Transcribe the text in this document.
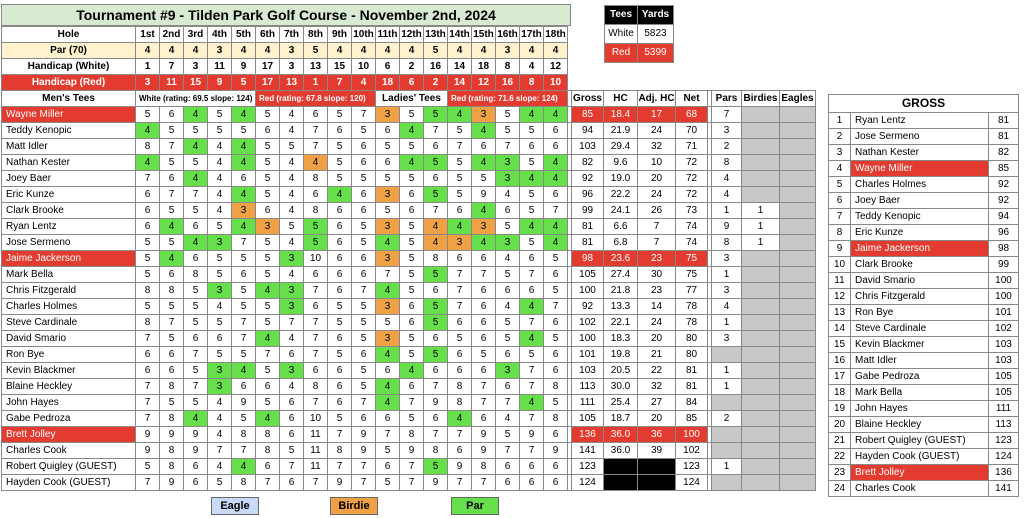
Tournament #9 - Tilden Park Golf Course - November 2nd, 2024
Hole	1st	2nd	3rd	4th	5th	6th	7th	8th	9th	10th	11th	12th	13th	14th	15th	16th	17th	18th									
Par (70)	4	4	4	3	4	4	3	5	4	4	4	4	5	4	4	3	4	4									
Handicap (White)	1	7	3	11	9	17	3	13	15	10	6	2	16	14	18	8	4	12									
Handicap (Red)	3	11	15	9	5	17	13	1	7	4	18	6	2	14	12	16	8	10									
Men's Tees	White (rating: 69.5 slope: 124)					Red (rating: 67.8 slope: 120)					Ladies' Tees			Red (rating: 71.6 slope: 124)						Gross	HC	Adj. HC	Net		Pars	Birdies	Eagles
Wayne Miller	5	6	4	5	4	5	4	6	5	7	3	5	5	4	3	5	4	4		85	18.4	17	68		7		
Teddy Kenopic	4	5	5	5	5	6	4	7	6	5	6	4	7	5	4	5	5	6		94	21.9	24	70		3		
Matt Idler	8	7	4	4	4	5	5	7	5	6	5	5	6	7	6	7	6	6		103	29.4	32	71		2		
Nathan Kester	4	5	5	4	4	5	4	4	5	6	6	4	5	5	4	3	5	4		82	9.6	10	72		8		
Joey Baer	7	6	4	4	6	5	4	8	5	5	5	5	6	5	5	3	4	4		92	19.0	20	72		4		
Eric Kunze	6	7	7	4	4	5	4	6	4	6	3	6	5	5	9	4	5	6		96	22.2	24	72		4		
Clark Brooke	6	5	5	4	3	6	4	8	6	6	5	6	7	6	4	6	5	7		99	24.1	26	73		1	1	
Ryan Lentz	6	4	6	5	4	3	5	5	6	5	3	5	4	4	3	5	4	4		81	6.6	7	74		9	1	
Jose Sermeno	5	5	4	3	7	5	4	5	6	5	4	5	4	3	4	3	5	4		81	6.8	7	74		8	1	
Jaime Jackerson	5	4	6	5	5	5	3	10	6	6	3	5	8	6	6	4	6	5		98	23.6	23	75		3		
Mark Bella	5	6	8	5	6	5	4	6	6	6	7	5	5	7	7	5	7	6		105	27.4	30	75		1		
Chris Fitzgerald	8	8	5	3	5	4	3	7	6	7	4	5	6	7	6	6	6	5		100	21.8	23	77		3		
Charles Holmes	5	5	5	4	5	5	3	6	5	5	3	6	5	7	6	4	4	7		92	13.3	14	78		4		
Steve Cardinale	8	7	5	5	7	5	7	7	5	5	5	6	5	6	6	5	7	6		102	22.1	24	78		1		
David Smario	7	5	6	6	7	4	4	7	6	5	3	5	6	5	6	5	4	5		100	18.3	20	80		3		
Ron Bye	6	6	7	5	5	7	6	7	5	6	4	5	5	6	5	6	5	6		101	19.8	21	80				
Kevin Blackmer	6	6	5	3	4	5	3	6	6	5	6	4	6	6	6	3	7	6		103	20.5	22	81		1		
Blaine Heckley	7	8	7	3	6	6	4	8	6	5	4	6	7	8	7	6	7	8		113	30.0	32	81		1		
John Hayes	7	5	5	4	9	5	6	7	6	7	4	7	9	8	7	7	4	5		111	25.4	27	84				
Gabe Pedroza	7	8	4	4	5	4	6	10	5	6	6	5	6	4	6	4	7	8		105	18.7	20	85		2		
Brett Jolley	9	9	9	4	8	8	6	11	7	9	7	8	7	7	9	5	9	6		136	36.0	36	100				
Charles Cook	9	8	9	7	7	8	5	11	8	9	5	9	8	6	9	7	7	9		141	36.0	39	102				
Robert Quigley (GUEST)	5	8	6	4	4	6	7	11	7	7	6	7	5	9	8	6	6	6		123			123		1		
Hayden Cook (GUEST)	7	9	6	5	8	7	6	7	9	7	5	7	9	7	7	6	6	6		124			124				
Tees	Yards
White	5823
Red	5399
GROSS		
1	Ryan Lentz	81
2	Jose Sermeno	81
3	Nathan Kester	82
4	Wayne Miller	85
5	Charles Holmes	92
6	Joey Baer	92
7	Teddy Kenopic	94
8	Eric Kunze	96
9	Jaime Jackerson	98
10	Clark Brooke	99
11	David Smario	100
12	Chris Fitzgerald	100
13	Ron Bye	101
14	Steve Cardinale	102
15	Kevin Blackmer	103
16	Matt Idler	103
17	Gabe Pedroza	105
18	Mark Bella	105
19	John Hayes	111
20	Blaine Heckley	113
21	Robert Quigley (GUEST)	123
22	Hayden Cook (GUEST)	124
23	Brett Jolley	136
24	Charles Cook	141
Eagle	Birdie	Par
